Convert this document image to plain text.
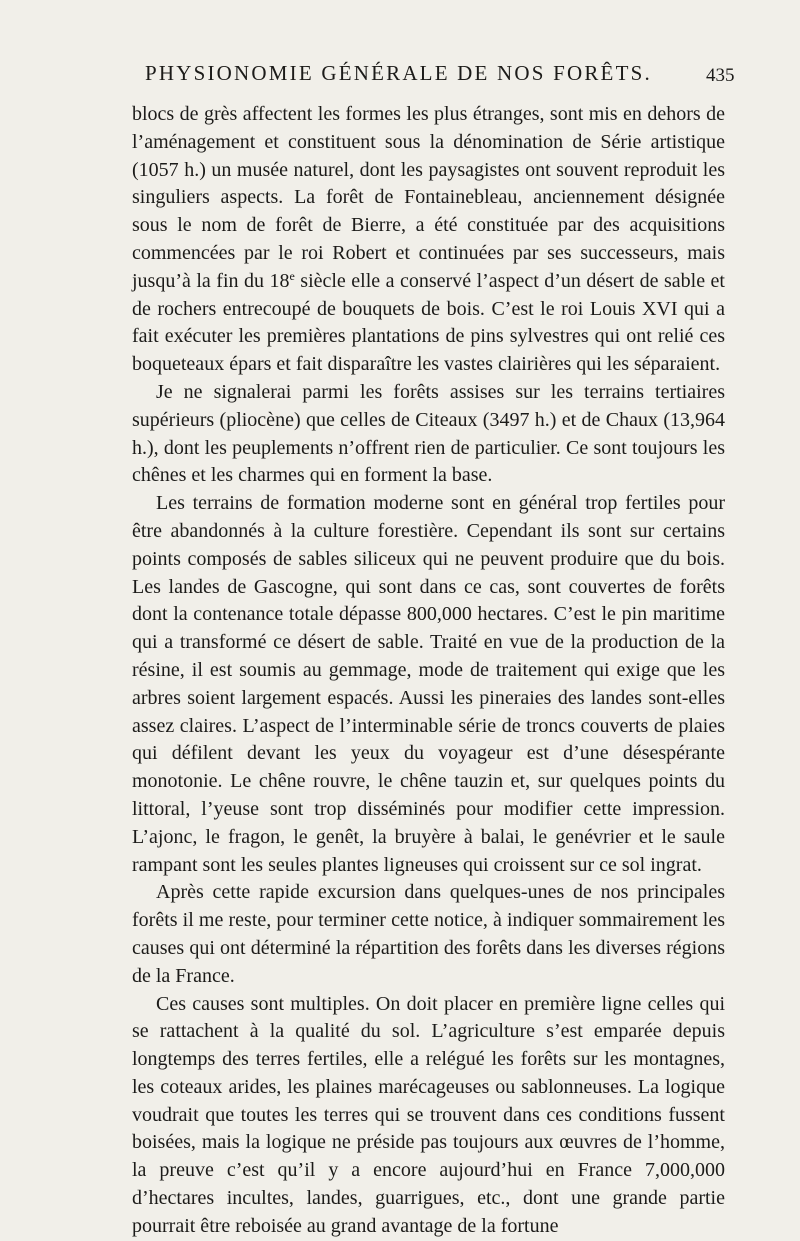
PHYSIONOMIE GÉNÉRALE DE NOS FORÊTS.	435

blocs de grès affectent les formes les plus étranges, sont mis en dehors de l’aménagement et constituent sous la dénomination de Série artistique (1057 h.) un musée naturel, dont les paysagistes ont souvent reproduit les singuliers aspects. La forêt de Fontainebleau, anciennement désignée sous le nom de forêt de Bierre, a été constituée par des acquisitions commencées par le roi Robert et continuées par ses successeurs, mais jusqu’à la fin du 18e siècle elle a conservé l’aspect d’un désert de sable et de rochers entrecoupé de bouquets de bois. C’est le roi Louis XVI qui a fait exécuter les premières plantations de pins sylvestres qui ont relié ces boqueteaux épars et fait disparaître les vastes clairières qui les séparaient.

Je ne signalerai parmi les forêts assises sur les terrains tertiaires supérieurs (pliocène) que celles de Citeaux (3497 h.) et de Chaux (13,964 h.), dont les peuplements n’offrent rien de particulier. Ce sont toujours les chênes et les charmes qui en forment la base.

Les terrains de formation moderne sont en général trop fertiles pour être abandonnés à la culture forestière. Cependant ils sont sur certains points composés de sables siliceux qui ne peuvent produire que du bois. Les landes de Gascogne, qui sont dans ce cas, sont couvertes de forêts dont la contenance totale dépasse 800,000 hectares. C’est le pin maritime qui a transformé ce désert de sable. Traité en vue de la production de la résine, il est soumis au gemmage, mode de traitement qui exige que les arbres soient largement espacés. Aussi les pineraies des landes sont-elles assez claires. L’aspect de l’interminable série de troncs couverts de plaies qui défilent devant les yeux du voyageur est d’une désespérante monotonie. Le chêne rouvre, le chêne tauzin et, sur quelques points du littoral, l’yeuse sont trop disséminés pour modifier cette impression. L’ajonc, le fragon, le genêt, la bruyère à balai, le genévrier et le saule rampant sont les seules plantes ligneuses qui croissent sur ce sol ingrat.

Après cette rapide excursion dans quelques-unes de nos principales forêts il me reste, pour terminer cette notice, à indiquer sommairement les causes qui ont déterminé la répartition des forêts dans les diverses régions de la France.

Ces causes sont multiples. On doit placer en première ligne celles qui se rattachent à la qualité du sol. L’agriculture s’est emparée depuis longtemps des terres fertiles, elle a relégué les forêts sur les montagnes, les coteaux arides, les plaines marécageuses ou sablonneuses. La logique voudrait que toutes les terres qui se trouvent dans ces conditions fussent boisées, mais la logique ne préside pas toujours aux œuvres de l’homme, la preuve c’est qu’il y a encore aujourd’hui en France 7,000,000 d’hectares incultes, landes, guarrigues, etc., dont une grande partie pourrait être reboisée au grand avantage de la fortune
